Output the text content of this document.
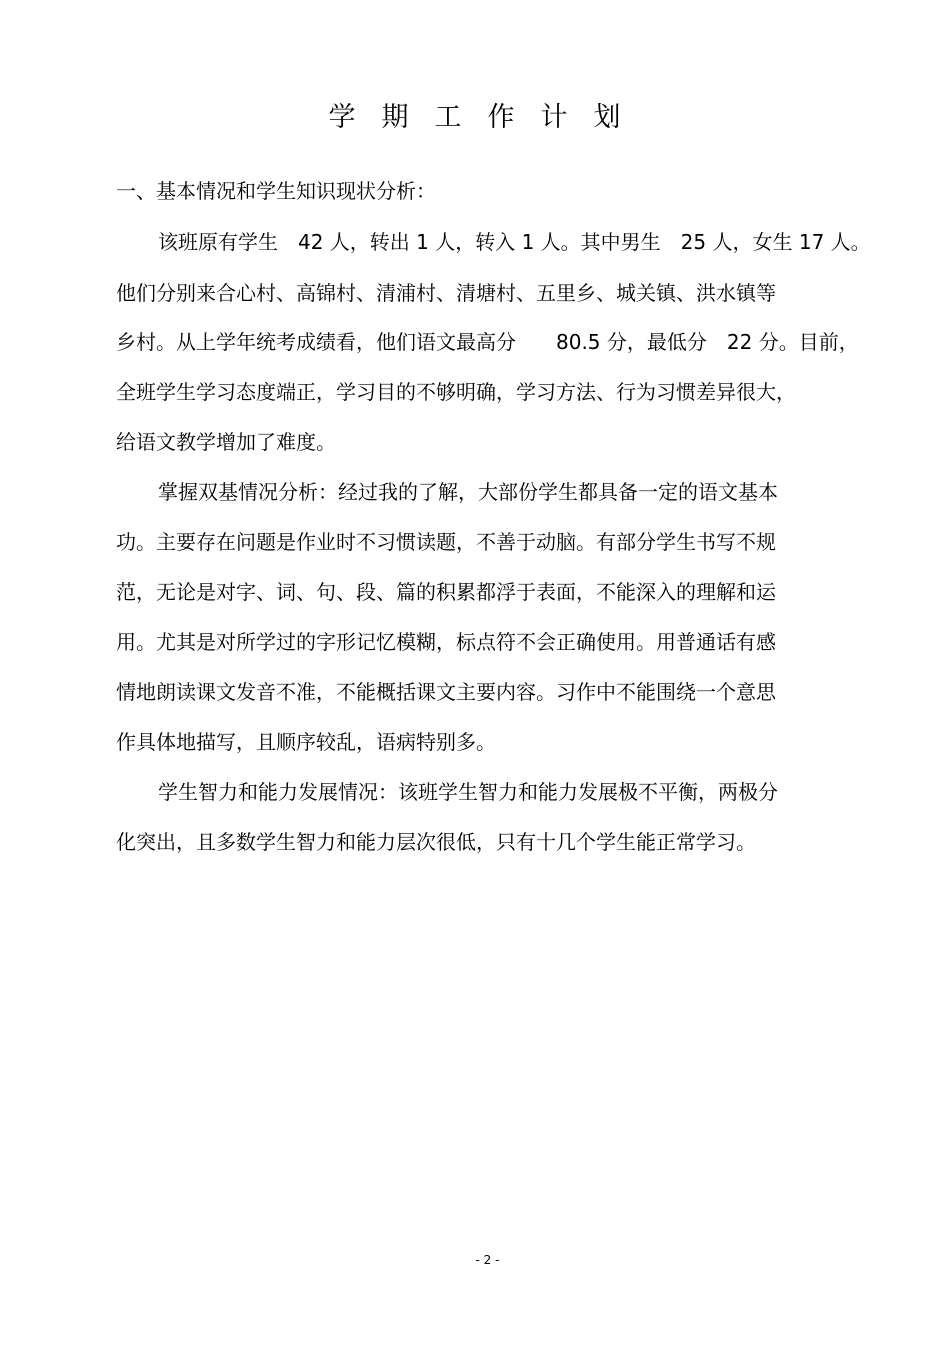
学期工作计划
一、基本情况和学生知识现状分析：
该班原有学生　42 人，转出 1 人，转入 1 人。其中男生　25 人，女生 17 人。
他们分别来合心村、高锦村、清浦村、清塘村、五里乡、城关镇、洪水镇等
乡村。从上学年统考成绩看，他们语文最高分　　80.5 分，最低分　22 分。目前，
全班学生学习态度端正，学习目的不够明确，学习方法、行为习惯差异很大，
给语文教学增加了难度。
掌握双基情况分析：经过我的了解，大部份学生都具备一定的语文基本
功。主要存在问题是作业时不习惯读题，不善于动脑。有部分学生书写不规
范，无论是对字、词、句、段、篇的积累都浮于表面，不能深入的理解和运
用。尤其是对所学过的字形记忆模糊，标点符不会正确使用。用普通话有感
情地朗读课文发音不准，不能概括课文主要内容。习作中不能围绕一个意思
作具体地描写，且顺序较乱，语病特别多。
学生智力和能力发展情况：该班学生智力和能力发展极不平衡，两极分
化突出，且多数学生智力和能力层次很低，只有十几个学生能正常学习。
- 2 -
